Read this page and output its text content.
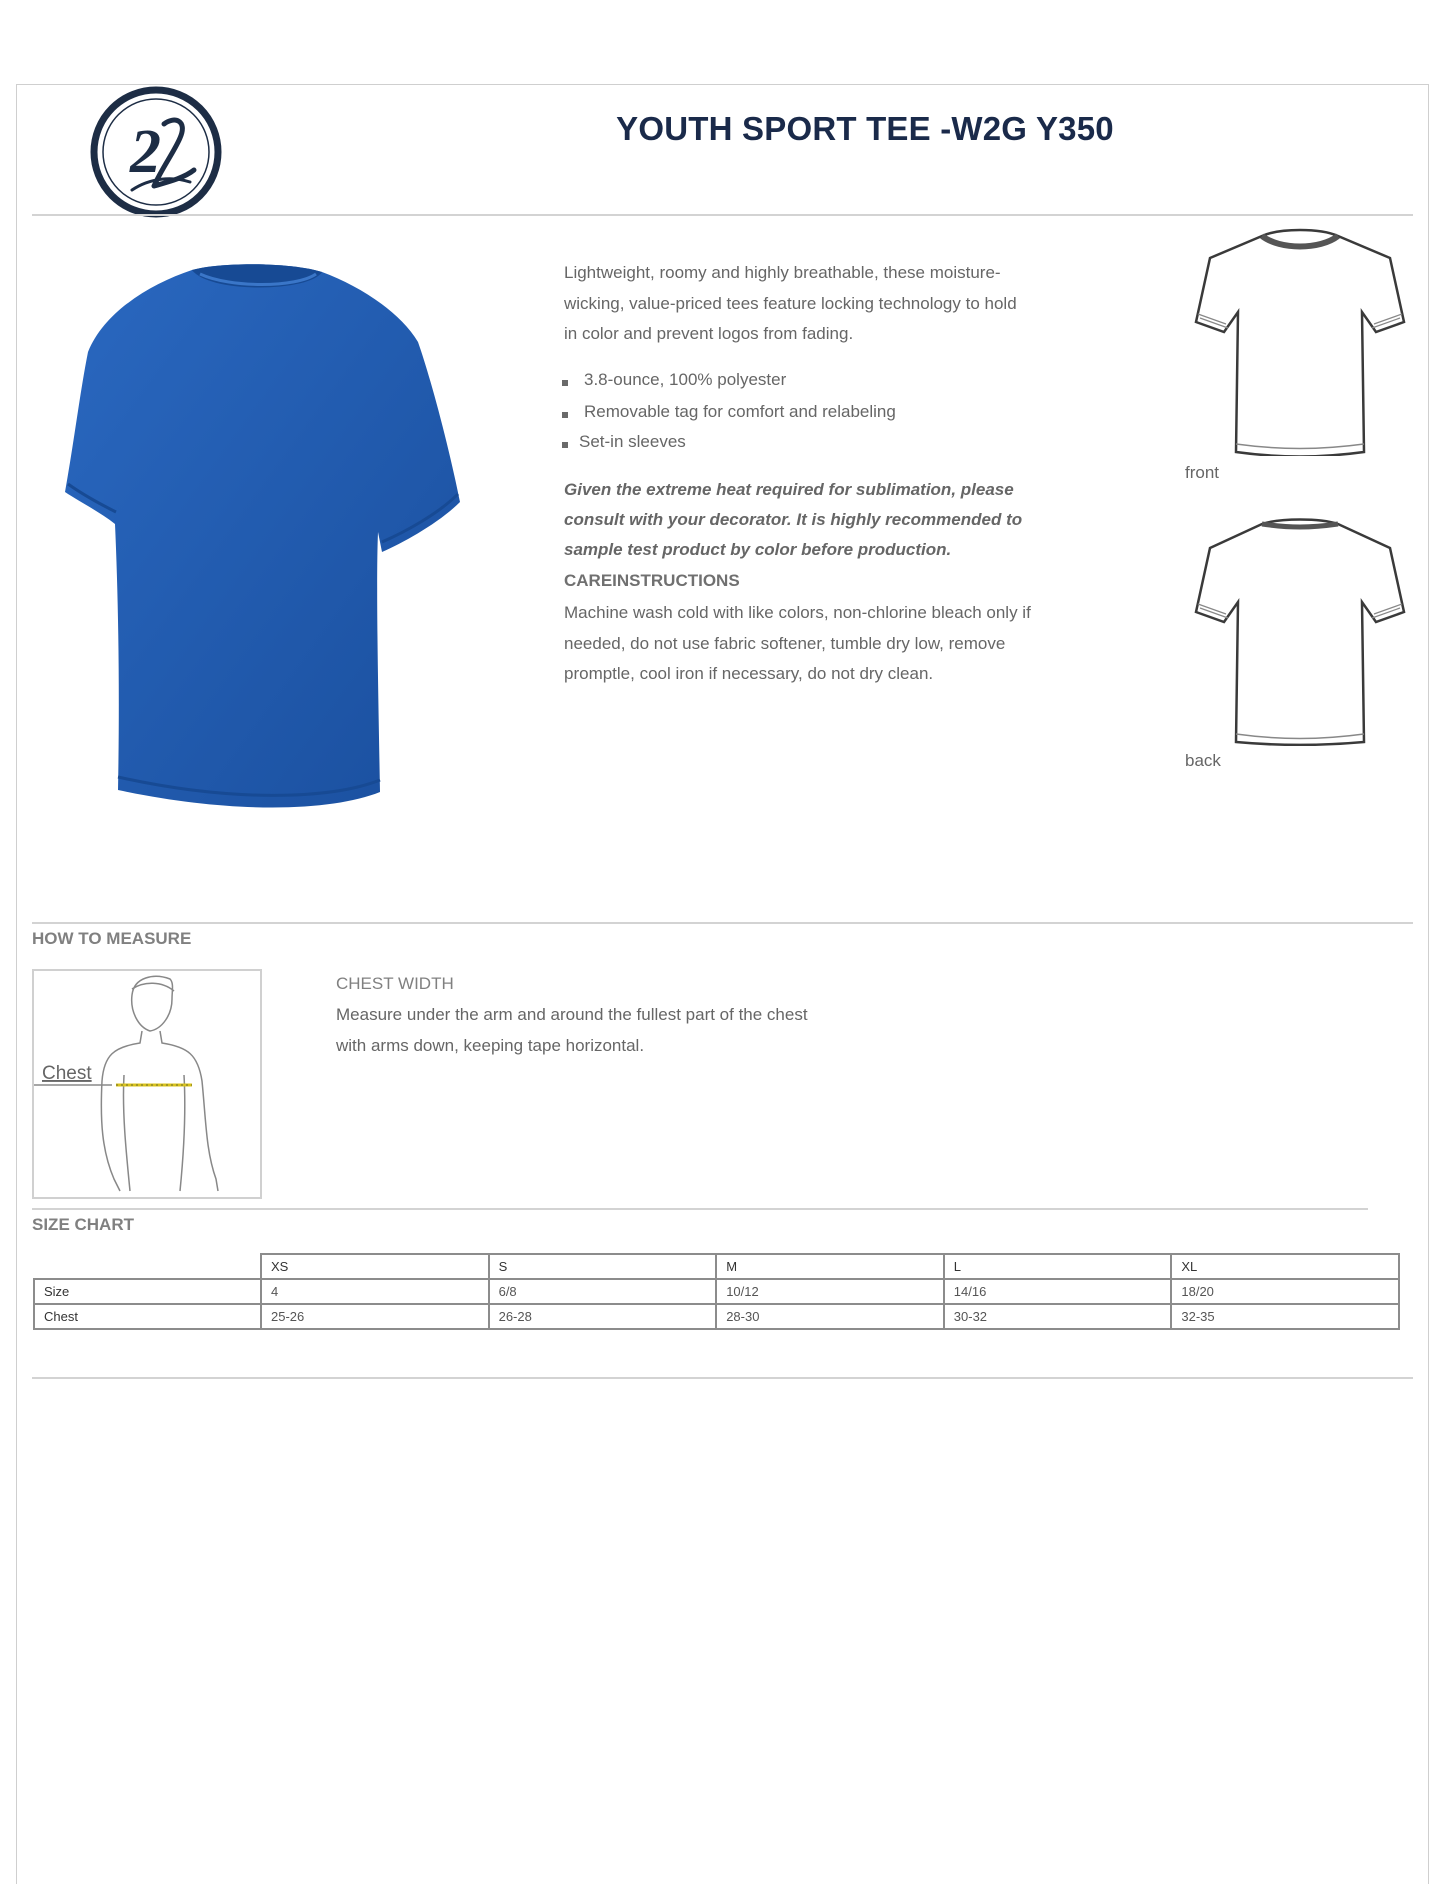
2	YOUTH SPORT TEE -W2G Y350
Lightweight, roomy and highly breathable, these moisture-wicking, value-priced tees feature locking technology to hold in color and prevent logos from fading.
3.8-ounce, 100% polyester
Removable tag for comfort and relabeling
Set-in sleeves
Given the extreme heat required for sublimation, please consult with your decorator. It is highly recommended to sample test product by color before production.
CAREINSTRUCTIONS
Machine wash cold with like colors, non-chlorine bleach only if needed, do not use fabric softener, tumble dry low, remove promptle, cool iron if necessary, do not dry clean.
front
back
HOW TO MEASURE
Chest
CHEST WIDTH
Measure under the arm and around the fullest part of the chest with arms down, keeping tape horizontal.
SIZE CHART
	XS	S	M	L	XL
Size	4	6/8	10/12	14/16	18/20
Chest	25-26	26-28	28-30	30-32	32-35
